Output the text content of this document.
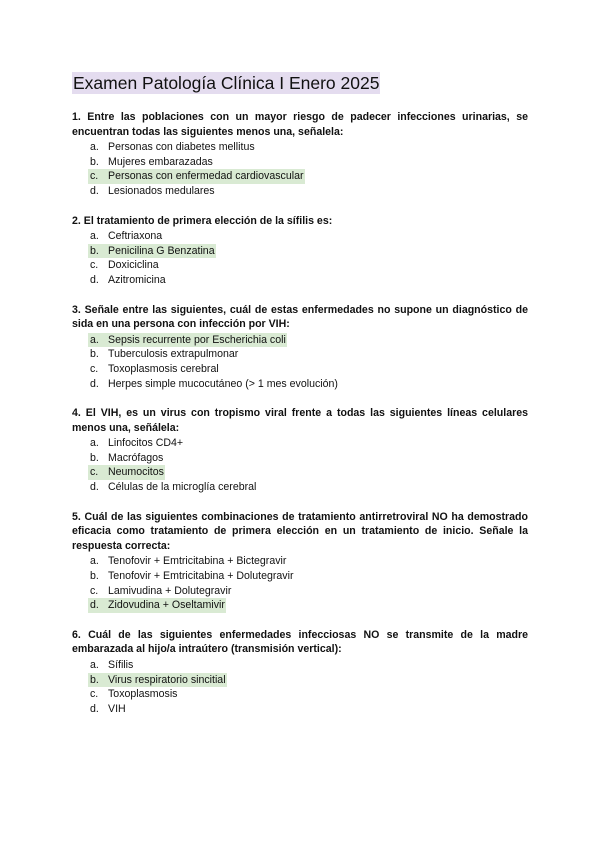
Examen Patología Clínica I Enero 2025

1. Entre las poblaciones con un mayor riesgo de padecer infecciones urinarias, se encuentran todas las siguientes menos una, señalela:

a. Personas con diabetes mellitus
b. Mujeres embarazadas
c. Personas con enfermedad cardiovascular
d. Lesionados medulares

2. El tratamiento de primera elección de la sífilis es:

a. Ceftriaxona
b. Penicilina G Benzatina
c. Doxiciclina
d. Azitromicina

3. Señale entre las siguientes, cuál de estas enfermedades no supone un diagnóstico de sida en una persona con infección por VIH:

a. Sepsis recurrente por Escherichia coli
b. Tuberculosis extrapulmonar
c. Toxoplasmosis cerebral
d. Herpes simple mucocutáneo (> 1 mes evolución)

4. El VIH, es un virus con tropismo viral frente a todas las siguientes líneas celulares menos una, señálela:

a. Linfocitos CD4+
b. Macrófagos
c. Neumocitos
d. Células de la microglía cerebral

5. Cuál de las siguientes combinaciones de tratamiento antirretroviral NO ha demostrado eficacia como tratamiento de primera elección en un tratamiento de inicio. Señale la respuesta correcta:

a. Tenofovir + Emtricitabina + Bictegravir
b. Tenofovir + Emtricitabina + Dolutegravir
c. Lamivudina + Dolutegravir
d. Zidovudina + Oseltamivir

6. Cuál de las siguientes enfermedades infecciosas NO se transmite de la madre embarazada al hijo/a intraútero (transmisión vertical):

a. Sífilis
b. Virus respiratorio sincitial
c. Toxoplasmosis
d. VIH
